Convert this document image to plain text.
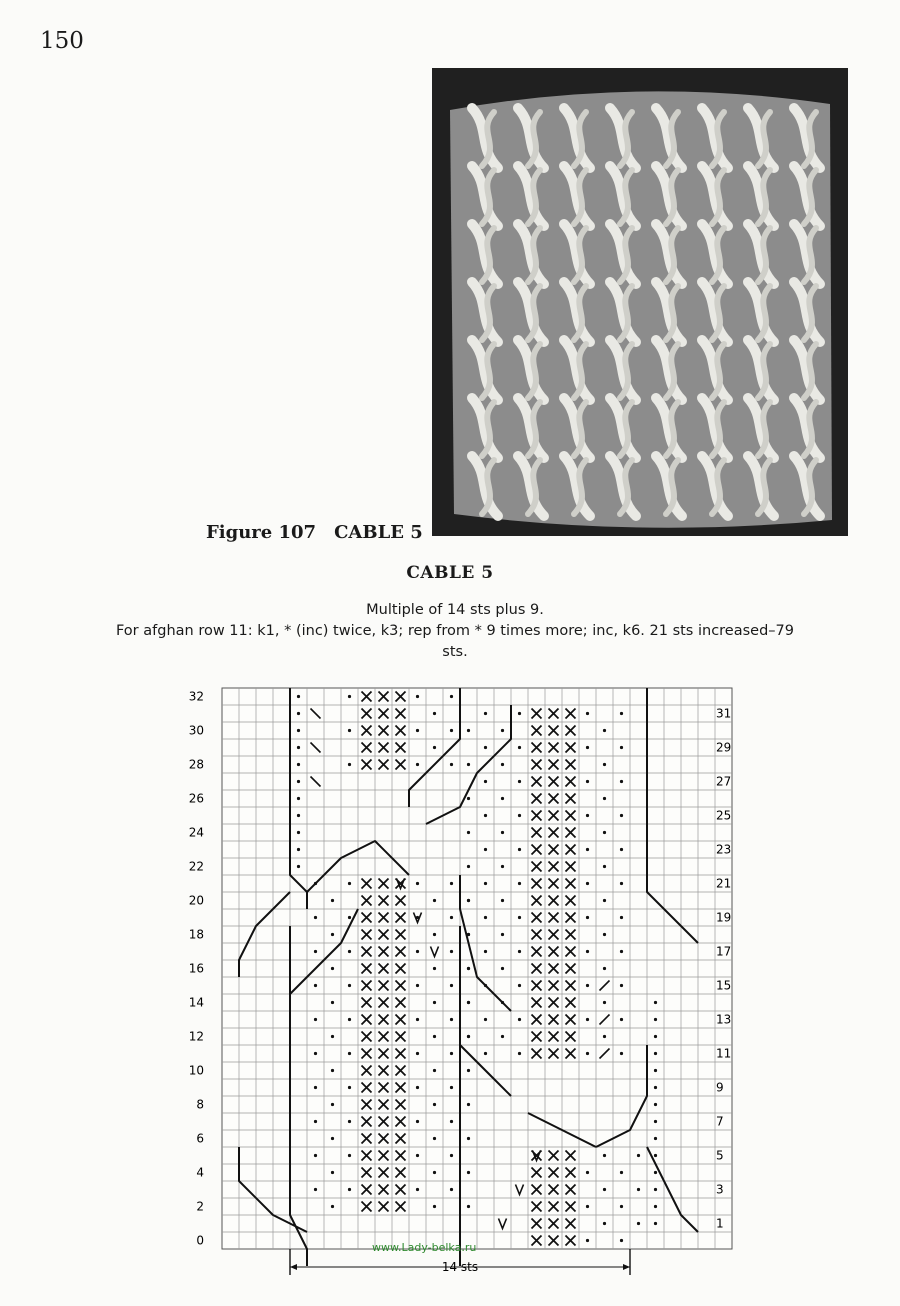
150
Figure 107 CABLE 5
CABLE 5
Multiple of 14 sts plus 9.
For afghan row 11: k1, * (inc) twice, k3; rep from * 9 times more; inc, k6. 21 sts increased–79
sts.
32
30
28
26
24
22
20
18
16
14
12
10
8
6
4
2
0
31
29
27
25
23
21
19
17
15
13
11
9
7
5
3
1
14 sts
www.Lady-belka.ru
